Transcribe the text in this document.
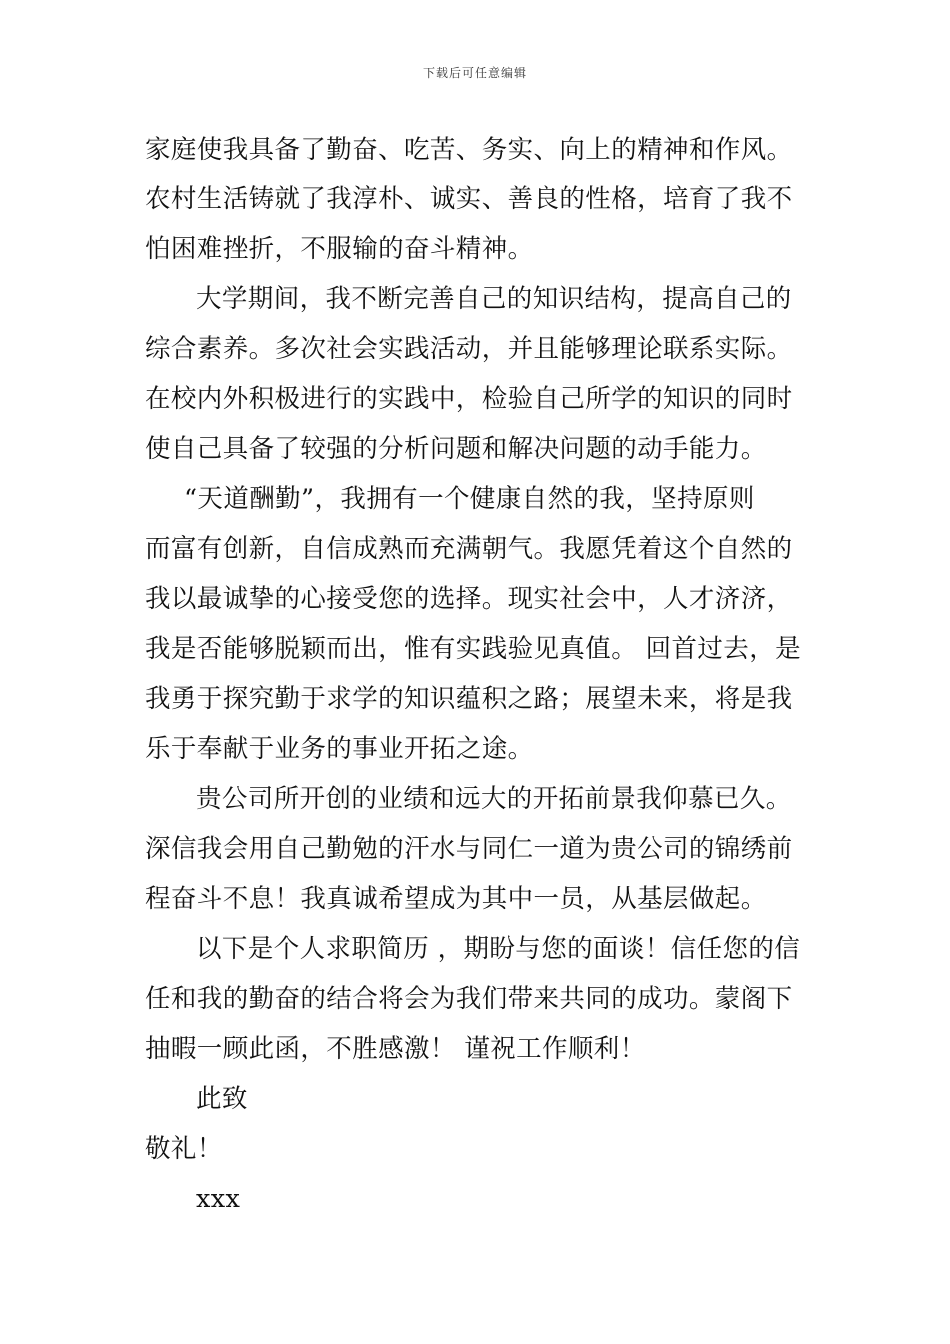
下载后可任意编辑
家庭使我具备了勤奋、吃苦、务实、向上的精神和作风。
农村生活铸就了我淳朴、诚实、善良的性格，培育了我不
怕困难挫折，不服输的奋斗精神。
大学期间，我不断完善自己的知识结构，提高自己的
综合素养。多次社会实践活动，并且能够理论联系实际。
在校内外积极进行的实践中，检验自己所学的知识的同时
使自己具备了较强的分析问题和解决问题的动手能力。
“天道酬勤”，我拥有一个健康自然的我，坚持原则
而富有创新，自信成熟而充满朝气。我愿凭着这个自然的
我以最诚挚的心接受您的选择。现实社会中，人才济济，
我是否能够脱颖而出，惟有实践验见真值。 回首过去，是
我勇于探究勤于求学的知识蕴积之路；展望未来，将是我
乐于奉献于业务的事业开拓之途。
贵公司所开创的业绩和远大的开拓前景我仰慕已久。
深信我会用自己勤勉的汗水与同仁一道为贵公司的锦绣前
程奋斗不息！我真诚希望成为其中一员，从基层做起。
以下是个人求职简历 ，期盼与您的面谈！信任您的信
任和我的勤奋的结合将会为我们带来共同的成功。蒙阁下
抽暇一顾此函，不胜感激！ 谨祝工作顺利！
此致
敬礼！
xxx
